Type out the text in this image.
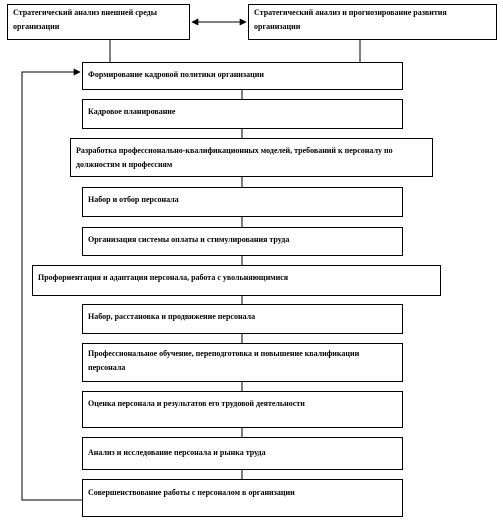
Стратегический анализ внешней среды организации
Стратегический анализ и прогнозирование развития организации
Формирование кадровой политики организации
Кадровое планирование
Разработка профессионально-квалификационных моделей, требований к персоналу по должностям и профессиям
Набор и отбор персонала
Организация системы оплаты и стимулирования труда
Профориентация и адаптация персонала, работа с увольняющимися
Набор, расстановка и продвижение персонала
Профессиональное обучение, переподготовка и повышение квалификации персонала
Оценка персонала и результатов его трудовой деятельности
Анализ и исследование персонала и рынка труда
Совершенствование работы с персоналом в организации
